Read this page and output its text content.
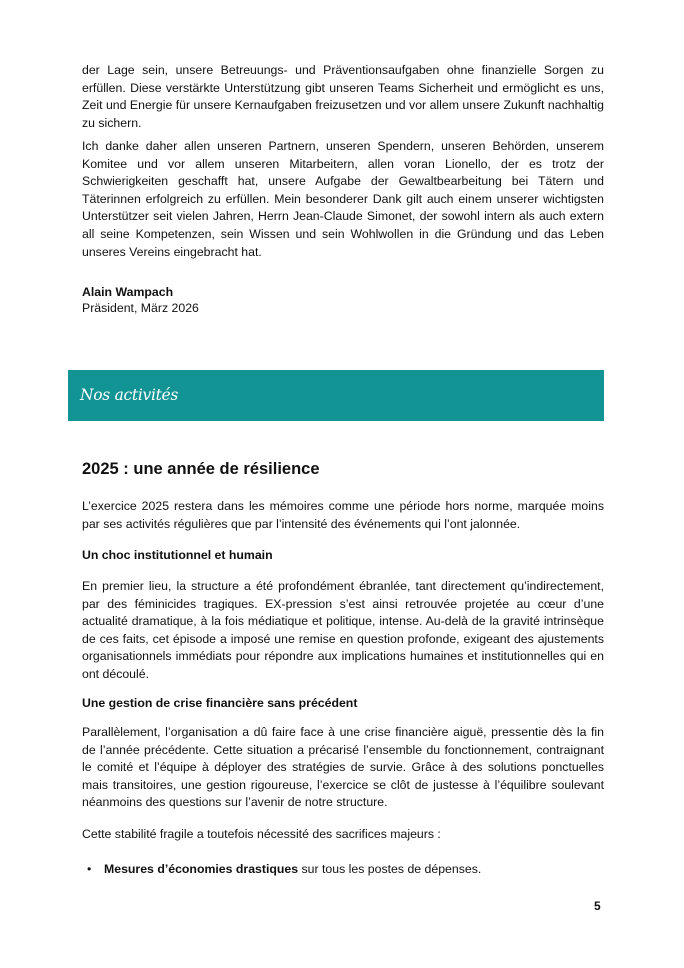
der Lage sein, unsere Betreuungs- und Präventionsaufgaben ohne finanzielle Sorgen zu erfüllen. Diese verstärkte Unterstützung gibt unseren Teams Sicherheit und ermöglicht es uns, Zeit und Energie für unsere Kernaufgaben freizusetzen und vor allem unsere Zukunft nachhaltig zu sichern.

Ich danke daher allen unseren Partnern, unseren Spendern, unseren Behörden, unserem Komitee und vor allem unseren Mitarbeitern, allen voran Lionello, der es trotz der Schwierigkeiten geschafft hat, unsere Aufgabe der Gewaltbearbeitung bei Tätern und Täterinnen erfolgreich zu erfüllen. Mein besonderer Dank gilt auch einem unserer wichtigsten Unterstützer seit vielen Jahren, Herrn Jean-Claude Simonet, der sowohl intern als auch extern all seine Kompetenzen, sein Wissen und sein Wohlwollen in die Gründung und das Leben unseres Vereins eingebracht hat.

Alain Wampach
Präsident, März 2026
Nos activités
2025 : une année de résilience

L’exercice 2025 restera dans les mémoires comme une période hors norme, marquée moins par ses activités régulières que par l’intensité des événements qui l’ont jalonnée.

Un choc institutionnel et humain

En premier lieu, la structure a été profondément ébranlée, tant directement qu’indirectement, par des féminicides tragiques. EX-pression s’est ainsi retrouvée projetée au cœur d’une actualité dramatique, à la fois médiatique et politique, intense. Au-delà de la gravité intrinsèque de ces faits, cet épisode a imposé une remise en question profonde, exigeant des ajustements organisationnels immédiats pour répondre aux implications humaines et institutionnelles qui en ont découlé.

Une gestion de crise financière sans précédent

Parallèlement, l’organisation a dû faire face à une crise financière aiguë, pressentie dès la fin de l’année précédente. Cette situation a précarisé l’ensemble du fonctionnement, contraignant le comité et l’équipe à déployer des stratégies de survie. Grâce à des solutions ponctuelles mais transitoires, une gestion rigoureuse, l’exercice se clôt de justesse à l’équilibre soulevant néanmoins des questions sur l’avenir de notre structure.

Cette stabilité fragile a toutefois nécessité des sacrifices majeurs :

• Mesures d’économies drastiques sur tous les postes de dépenses.
5
